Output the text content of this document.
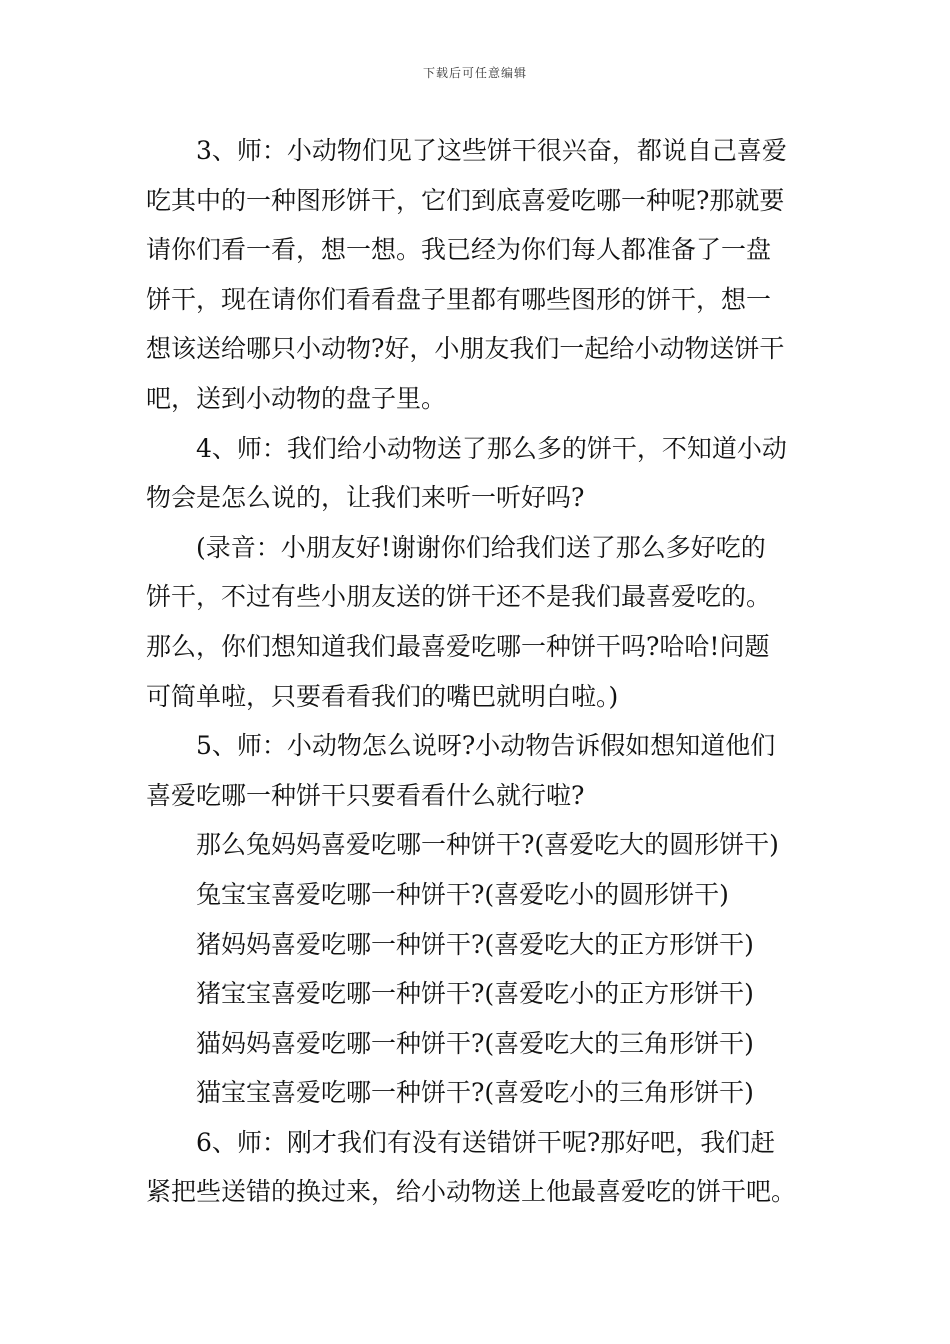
下载后可任意编辑
3、师：小动物们见了这些饼干很兴奋，都说自己喜爱
吃其中的一种图形饼干，它们到底喜爱吃哪一种呢?那就要
请你们看一看，想一想。我已经为你们每人都准备了一盘
饼干，现在请你们看看盘子里都有哪些图形的饼干，想一
想该送给哪只小动物?好，小朋友我们一起给小动物送饼干
吧，送到小动物的盘子里。
4、师：我们给小动物送了那么多的饼干，不知道小动
物会是怎么说的，让我们来听一听好吗?
(录音：小朋友好!谢谢你们给我们送了那么多好吃的
饼干，不过有些小朋友送的饼干还不是我们最喜爱吃的。
那么，你们想知道我们最喜爱吃哪一种饼干吗?哈哈!问题
可简单啦，只要看看我们的嘴巴就明白啦。)
5、师：小动物怎么说呀?小动物告诉假如想知道他们
喜爱吃哪一种饼干只要看看什么就行啦?
那么兔妈妈喜爱吃哪一种饼干?(喜爱吃大的圆形饼干)
兔宝宝喜爱吃哪一种饼干?(喜爱吃小的圆形饼干)
猪妈妈喜爱吃哪一种饼干?(喜爱吃大的正方形饼干)
猪宝宝喜爱吃哪一种饼干?(喜爱吃小的正方形饼干)
猫妈妈喜爱吃哪一种饼干?(喜爱吃大的三角形饼干)
猫宝宝喜爱吃哪一种饼干?(喜爱吃小的三角形饼干)
6、师：刚才我们有没有送错饼干呢?那好吧，我们赶
紧把些送错的换过来，给小动物送上他最喜爱吃的饼干吧。
